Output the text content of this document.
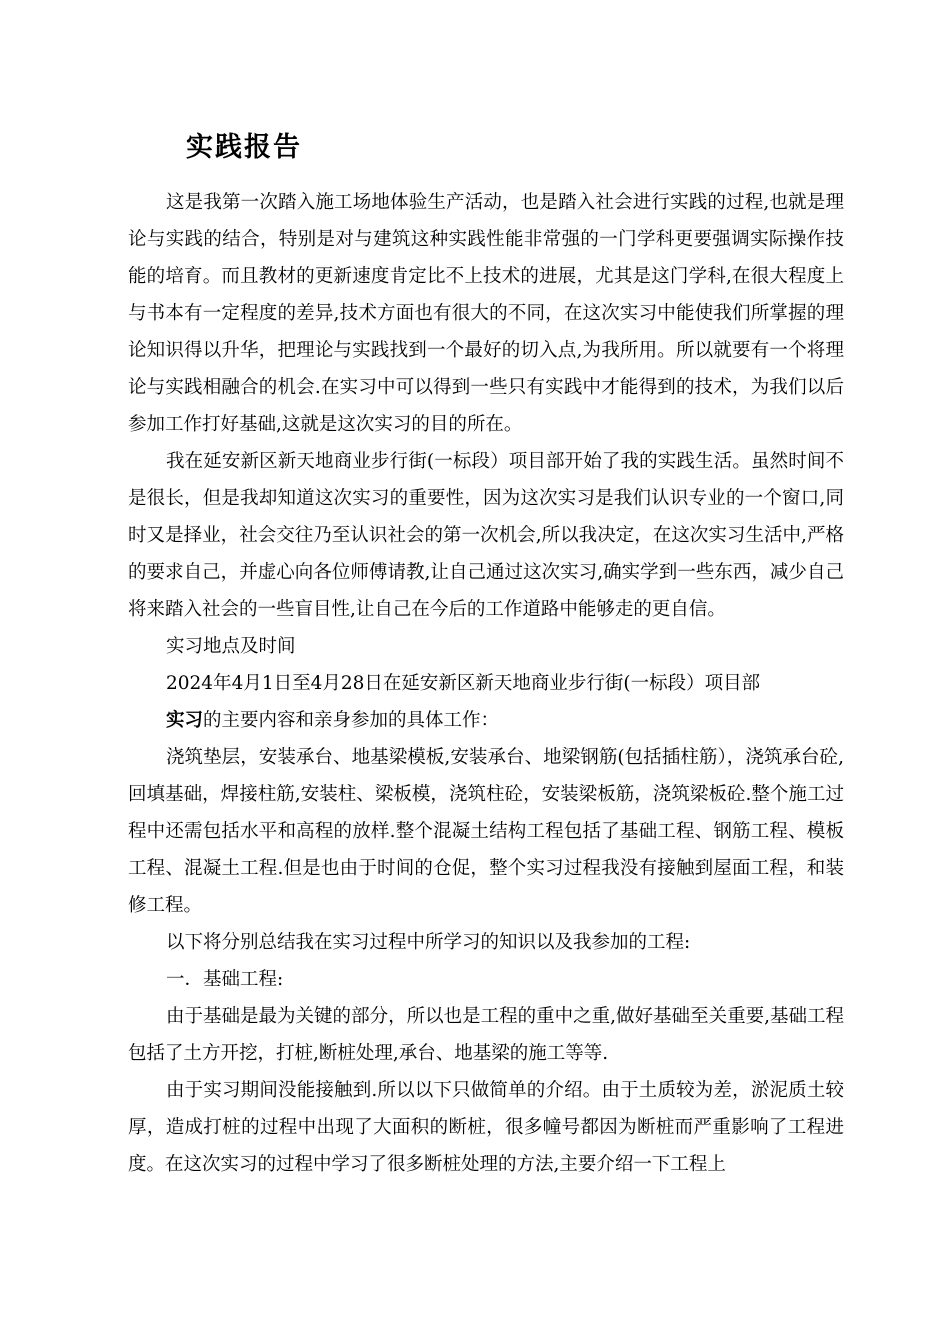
实践报告

这是我第一次踏入施工场地体验生产活动，也是踏入社会进行实践的过程,也就是理论与实践的结合，特别是对与建筑这种实践性能非常强的一门学科更要强调实际操作技能的培育。而且教材的更新速度肯定比不上技术的进展，尤其是这门学科,在很大程度上与书本有一定程度的差异,技术方面也有很大的不同，在这次实习中能使我们所掌握的理论知识得以升华，把理论与实践找到一个最好的切入点,为我所用。所以就要有一个将理论与实践相融合的机会.在实习中可以得到一些只有实践中才能得到的技术，为我们以后参加工作打好基础,这就是这次实习的目的所在。

我在延安新区新天地商业步行街(一标段）项目部开始了我的实践生活。虽然时间不是很长，但是我却知道这次实习的重要性，因为这次实习是我们认识专业的一个窗口,同时又是择业，社会交往乃至认识社会的第一次机会,所以我决定，在这次实习生活中,严格的要求自己，并虚心向各位师傅请教,让自己通过这次实习,确实学到一些东西，减少自己将来踏入社会的一些盲目性,让自己在今后的工作道路中能够走的更自信。

实习地点及时间

2024年4月1日至4月28日在延安新区新天地商业步行街(一标段）项目部

实习的主要内容和亲身参加的具体工作：

浇筑垫层，安装承台、地基梁模板,安装承台、地梁钢筋(包括插柱筋），浇筑承台砼,回填基础，焊接柱筋,安装柱、梁板模，浇筑柱砼，安装梁板筋，浇筑梁板砼.整个施工过程中还需包括水平和高程的放样.整个混凝土结构工程包括了基础工程、钢筋工程、模板工程、混凝土工程.但是也由于时间的仓促，整个实习过程我没有接触到屋面工程，和装修工程。

以下将分别总结我在实习过程中所学习的知识以及我参加的工程:

一．基础工程:

由于基础是最为关键的部分，所以也是工程的重中之重,做好基础至关重要,基础工程包括了土方开挖，打桩,断桩处理,承台、地基梁的施工等等.

由于实习期间没能接触到.所以以下只做简单的介绍。由于土质较为差，淤泥质土较厚，造成打桩的过程中出现了大面积的断桩，很多幢号都因为断桩而严重影响了工程进度。在这次实习的过程中学习了很多断桩处理的方法,主要介绍一下工程上
